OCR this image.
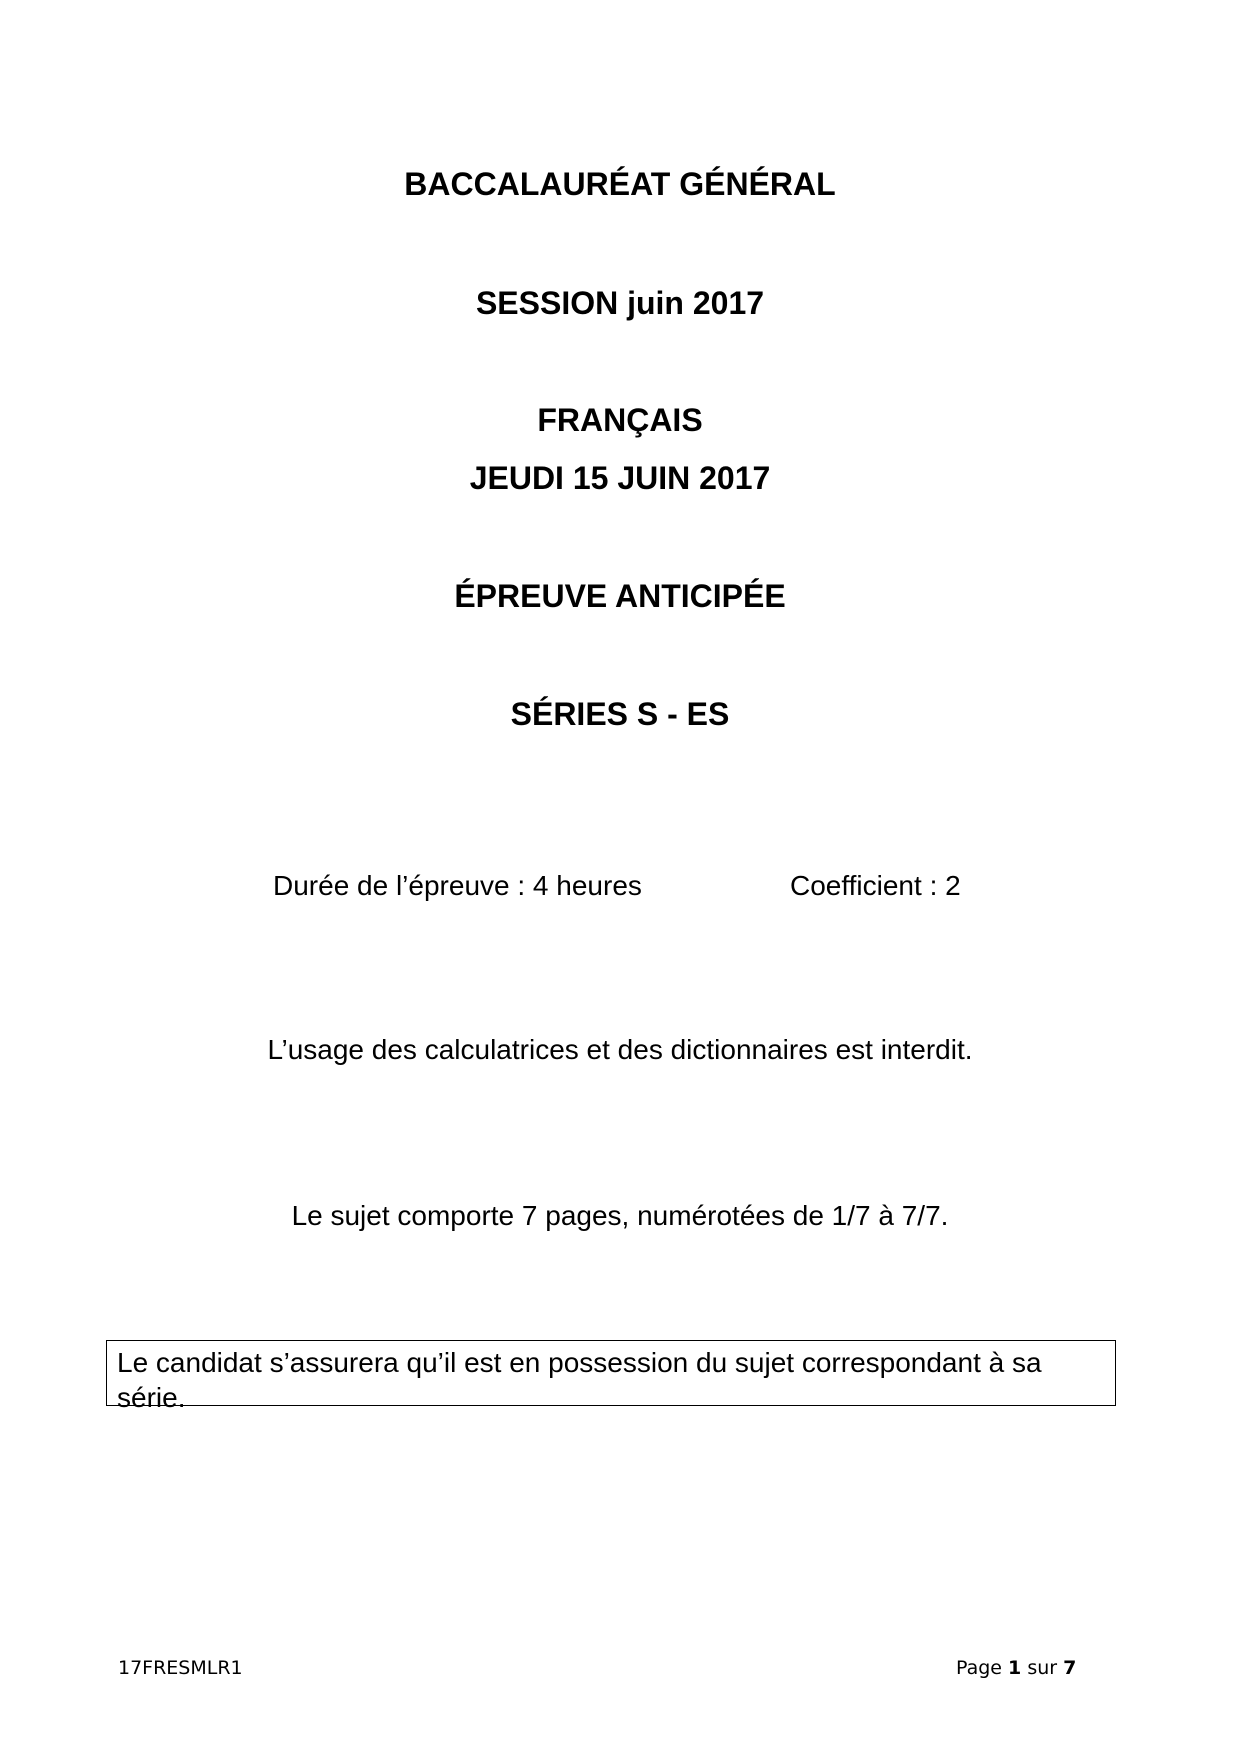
BACCALAURÉAT GÉNÉRAL
SESSION juin 2017
FRANÇAIS
JEUDI 15 JUIN 2017
ÉPREUVE ANTICIPÉE
SÉRIES S - ES
Durée de l’épreuve : 4 heures	Coefficient : 2
L’usage des calculatrices et des dictionnaires est interdit.
Le sujet comporte 7 pages, numérotées de 1/7 à 7/7.
Le candidat s’assurera qu’il est en possession du sujet correspondant à sa série.
17FRESMLR1	Page 1 sur 7
